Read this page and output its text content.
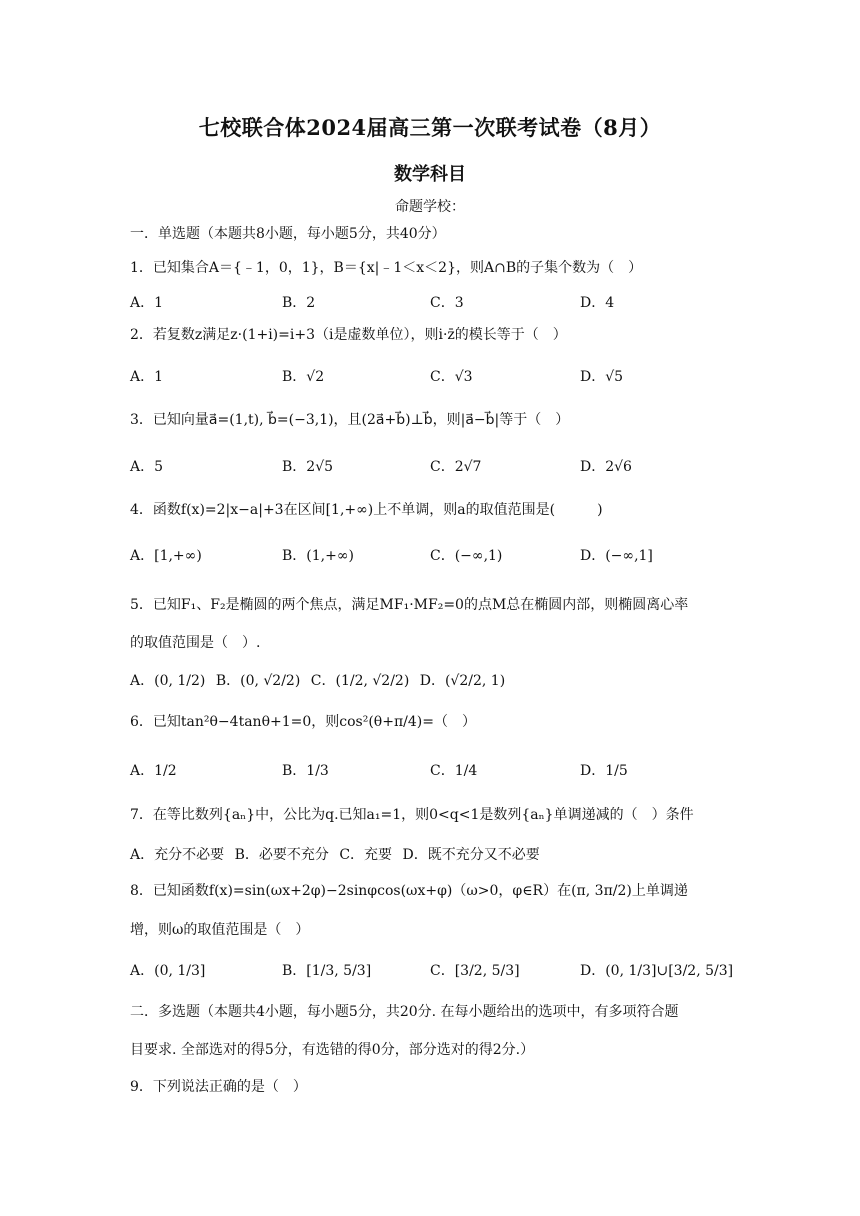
七校联合体2024届高三第一次联考试卷（8月）
数学科目
命题学校：
一．单选题（本题共8小题，每小题5分，共40分）
1．已知集合A＝{﹣1，0，1}，B＝{x|﹣1＜x＜2}，则A∩B的子集个数为（　）
A．1	B．2	C．3	D．4
2．若复数z满足z·(1+i)=i+3（i是虚数单位），则i·z̄的模长等于（　）
A．1	B．√2	C．√3	D．√5
3．已知向量a⃗=(1,t), b⃗=(−3,1)，且(2a⃗+b⃗)⊥b⃗，则|a⃗−b⃗|等于（　）
A．5	B．2√5	C．2√7	D．2√6
4．函数f(x)=2|x−a|+3在区间[1,+∞)上不单调，则a的取值范围是(　　　)
A．[1,+∞)	B．(1,+∞)	C．(−∞,1)	D．(−∞,1]
5．已知F₁、F₂是椭圆的两个焦点，满足MF₁·MF₂=0的点M总在椭圆内部，则椭圆离心率
的取值范围是（　）.
A．(0, 1/2) B．(0, √2/2) C．(1/2, √2/2) D．(√2/2, 1)
6．已知tan²θ−4tanθ+1=0，则cos²(θ+π/4)=（　）
A．1/2	B．1/3	C．1/4	D．1/5
7．在等比数列{aₙ}中，公比为q.已知a₁=1，则0<q<1是数列{aₙ}单调递减的（　）条件
A．充分不必要 B．必要不充分 C．充要 D．既不充分又不必要
8．已知函数f(x)=sin(ωx+2φ)−2sinφcos(ωx+φ)（ω>0，φ∈R）在(π, 3π/2)上单调递
增，则ω的取值范围是（　）
A．(0, 1/3]	B．[1/3, 5/3]	C．[3/2, 5/3]	D．(0, 1/3]∪[3/2, 5/3]
二．多选题（本题共4小题，每小题5分，共20分. 在每小题给出的选项中，有多项符合题
目要求. 全部选对的得5分，有选错的得0分，部分选对的得2分.）
9．下列说法正确的是（　）
